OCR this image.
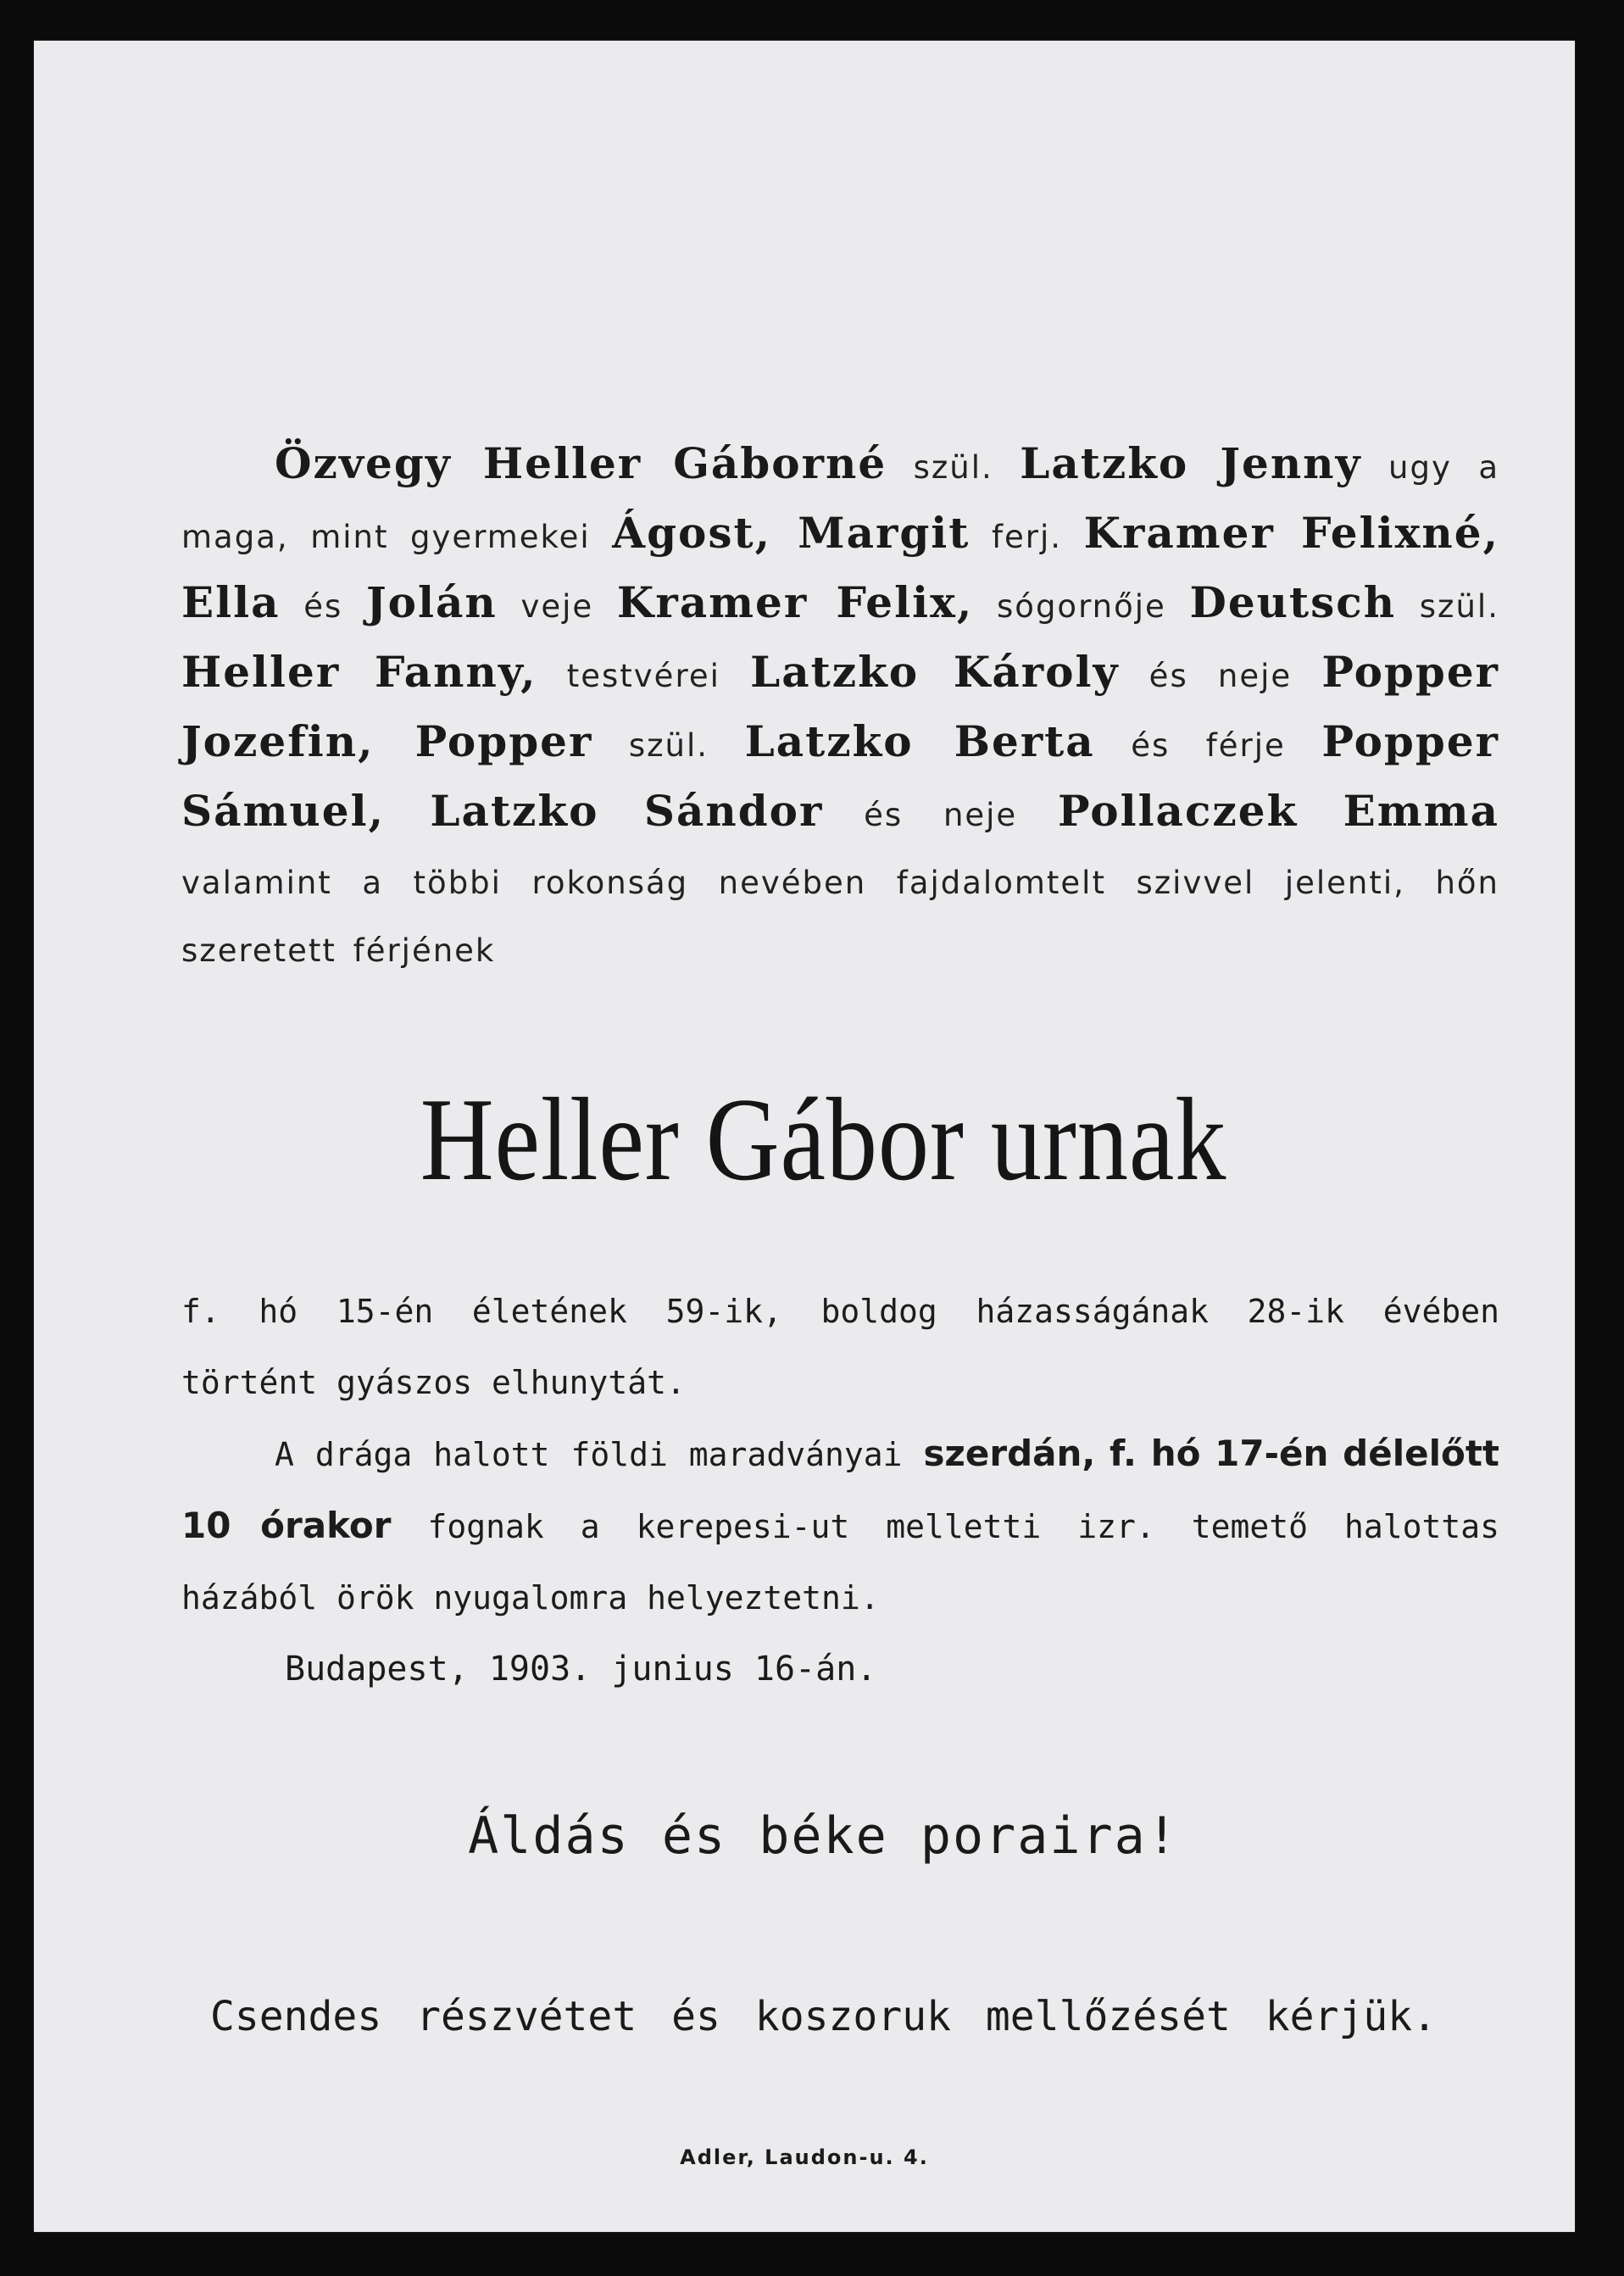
Özvegy Heller Gáborné szül. Latzko Jenny ugy a maga, mint gyermekei Ágost, Margit ferj. Kramer Felixné, Ella és Jolán veje Kramer Felix, sógornője Deutsch szül. Heller Fanny, testvérei Latzko Károly és neje Popper Jozefin, Popper szül. Latzko Berta és férje Popper Sámuel, Latzko Sándor és neje Pollaczek Emma valamint a többi rokonság nevében fajdalomtelt szivvel jelenti, hőn szeretett férjének

Heller Gábor urnak

f. hó 15-én életének 59-ik, boldog házasságának 28-ik évében történt gyászos elhunytát.

A drága halott földi maradványai szerdán, f. hó 17-én délelőtt 10 órakor fognak a kerepesi-ut melletti izr. temető halottas házából örök nyugalomra helyeztetni.

Budapest, 1903. junius 16-án.

Áldás és béke poraira!
Csendes részvétet és koszoruk mellőzését kérjük.
Adler, Laudon-u. 4.
